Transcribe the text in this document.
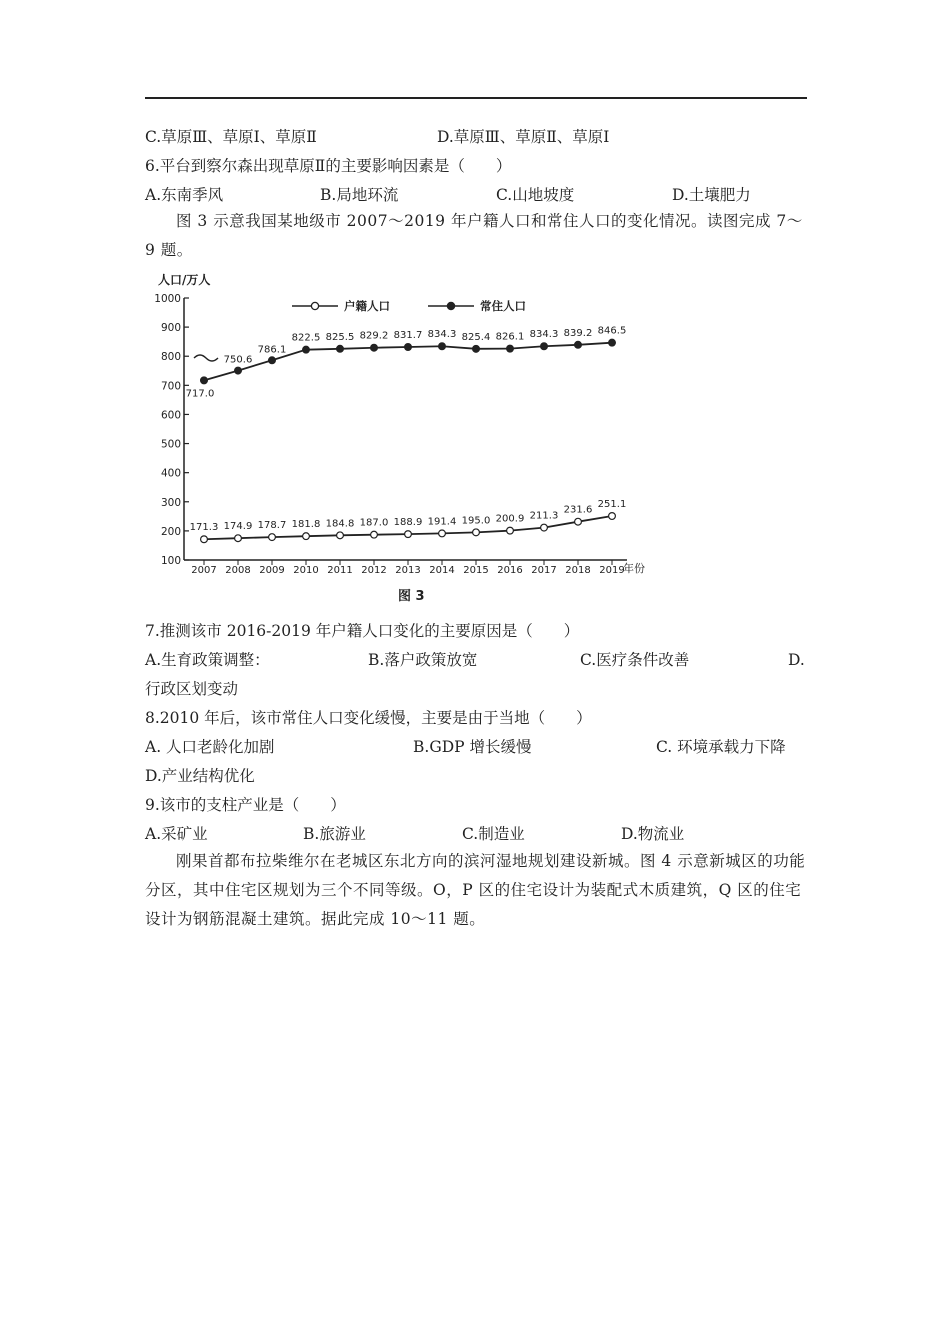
C.草原Ⅲ、草原Ⅰ、草原Ⅱ	D.草原Ⅲ、草原Ⅱ、草原Ⅰ
6.平台到察尔森出现草原Ⅱ的主要影响因素是（　　）
A.东南季风	B.局地环流	C.山地坡度	D.土壤肥力
图 3 示意我国某地级市 2007～2019 年户籍人口和常住人口的变化情况。读图完成 7～9 题。
100
200
300
400
500
600
700
800
900
1000
2007 2008 2009 2010 2011 2012 2013 2014 2015 2016 2017 2018 2019
户籍人口	常住人口
171.3 174.9 178.7 181.8 184.8 187.0 188.9 191.4 195.0 200.9 211.3
231.6
251.1
717.0
750.6
786.1
822.5 825.5 829.2 831.7 834.3 825.4 826.1 834.3 839.2 846.5
人口/万人
年份
图 3
7.推测该市 2016-2019 年户籍人口变化的主要原因是（　　）
A.生育政策调整：	B.落户政策放宽	C.医疗条件改善	D.
行政区划变动
8.2010 年后，该市常住人口变化缓慢，主要是由于当地（　　）
A. 人口老龄化加剧	B.GDP 增长缓慢	C. 环境承载力下降
D.产业结构优化
9.该市的支柱产业是（　　）
A.采矿业	B.旅游业	C.制造业	D.物流业
刚果首都布拉柴维尔在老城区东北方向的滨河湿地规划建设新城。图 4 示意新城区的功能分区，其中住宅区规划为三个不同等级。O，P 区的住宅设计为装配式木质建筑，Q 区的住宅设计为钢筋混凝土建筑。据此完成 10～11 题。
